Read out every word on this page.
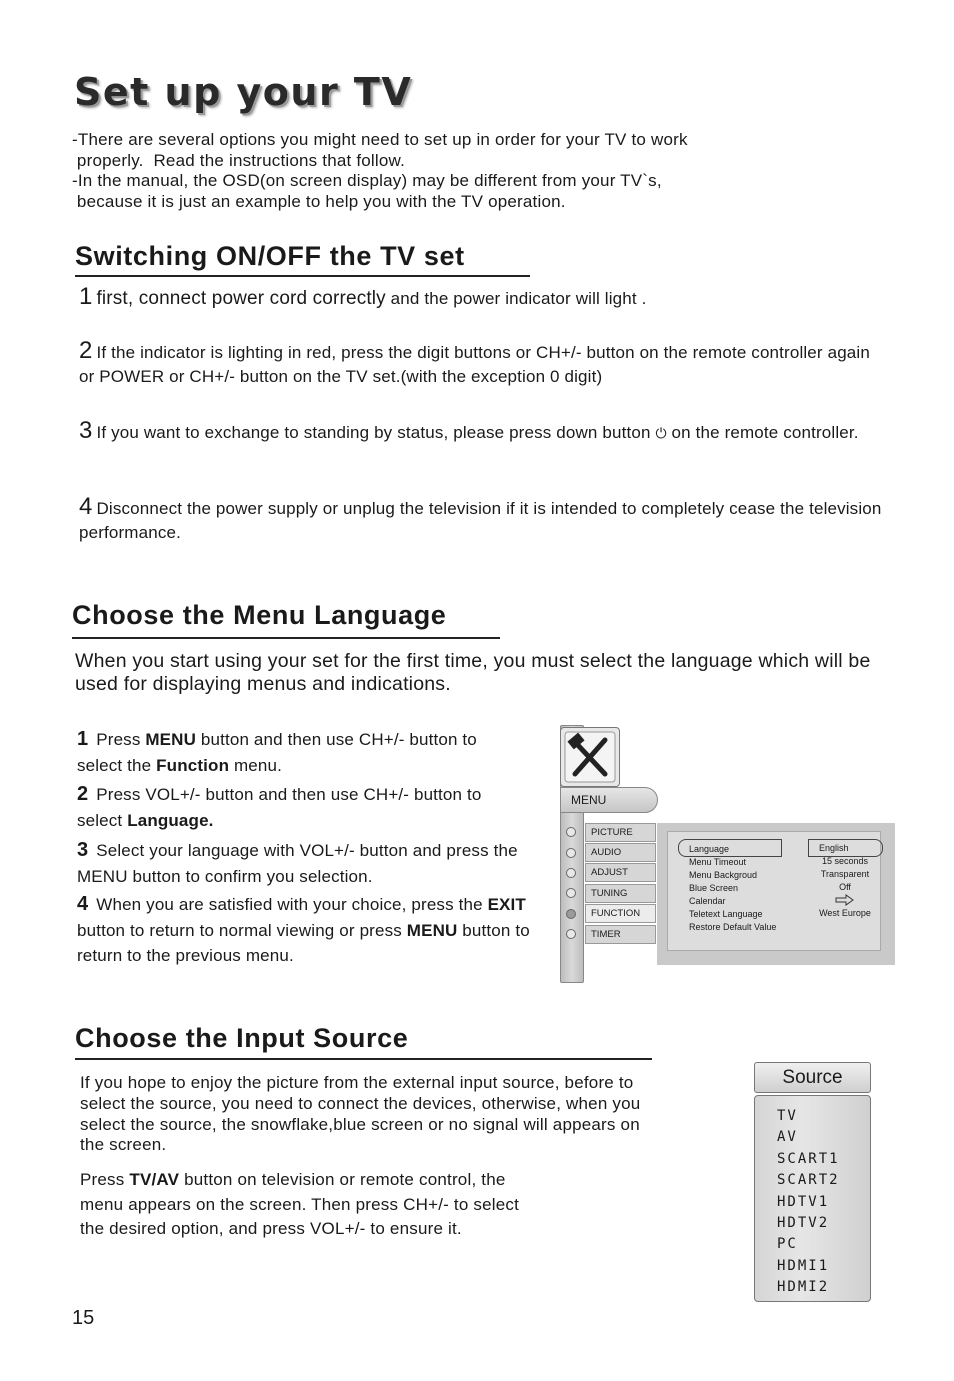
Set up your TV

-There are several options you might need to set up in order for your TV to work

properly.  Read the instructions that follow.

-In the manual, the OSD(on screen display) may be different from your TV`s,

because it is just an example to help you with the TV operation.

Switching ON/OFF the TV set
1 first, connect power cord correctly and the power indicator will light .
2 If the indicator is lighting in red, press the digit buttons or CH+/- button on the remote controller again or POWER or CH+/- button on the TV set.(with the exception 0 digit)
3 If you want to exchange to standing by status, please press down button ⏻ on the remote controller.
4 Disconnect the power supply or unplug the television if it is intended to completely cease the television performance.
Choose the Menu Language
When you start using your set for the first time, you must select the language which will be used for displaying menus and indications.
1 Press MENU button and then use CH+/- button to select the Function menu.
2 Press VOL+/- button and then use CH+/- button to select Language.
3 Select your language with VOL+/- button and press the MENU button to confirm you selection.
4 When you are satisfied with your choice, press the EXIT button to return to normal viewing or press MENU button to return to the previous menu.
MENU
PICTURE
AUDIO
ADJUST
TUNING
FUNCTION
TIMER
Language
Menu Timeout
Menu Backgroud
Blue Screen
Calendar
Teletext Language
Restore Default Value
English
15 seconds
Transparent
Off
West Europe
Choose the Input Source
If you hope to enjoy the picture from the external input source, before to select the source, you need to connect the devices, otherwise, when you select the source, the snowflake,blue screen or no signal will appears on the screen.
Press TV/AV button on television or remote control, the menu appears on the screen. Then press CH+/- to select the desired option, and press VOL+/- to ensure it.
Source
TV
AV
SCART1
SCART2
HDTV1
HDTV2
PC
HDMI1
HDMI2
15
